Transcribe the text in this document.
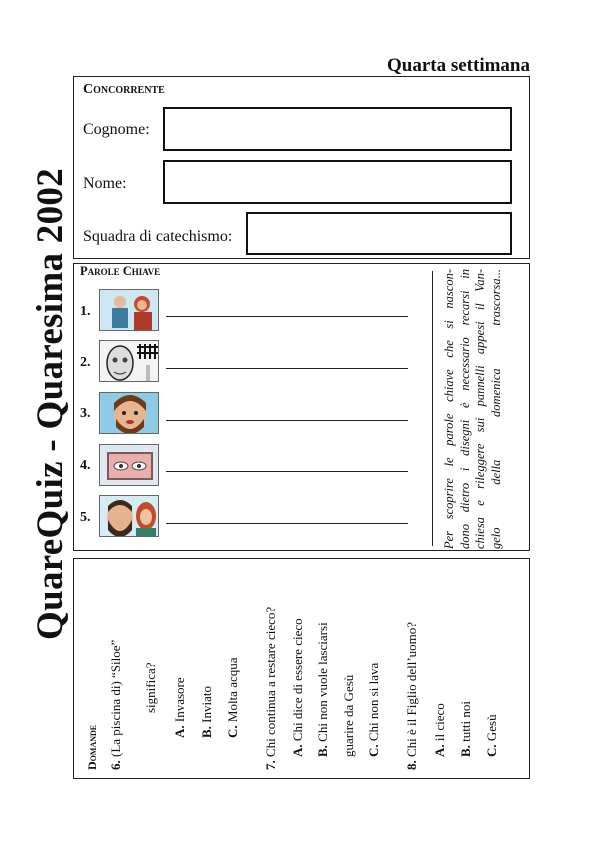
Quarta settimana
QuareQuiz - Quaresima 2002
Concorrente
Cognome:
Nome:
Squadra di catechismo:
Parole Chiave
1.
2.
3.
4.
5.	Per scoprire le parole chiave che si nascon- dono dietro i disegni è necessario recarsi in chiesa e rileggere sui pannelli appesi il Van- gelo della domenica trascorsa...
Domande 6. (La piscina di) “Siloe” significa?
A. Invasore
B. Inviato
C. Molta acqua
7. Chi continua a restare cieco? A. Chi dice di essere cieco
B. Chi non vuole lasciarsi guarire da Gesù C. Chi non si lava
8. Chi è il Figlio dell’uomo? A. il cieco
B. tutti noi
C. Gesù
